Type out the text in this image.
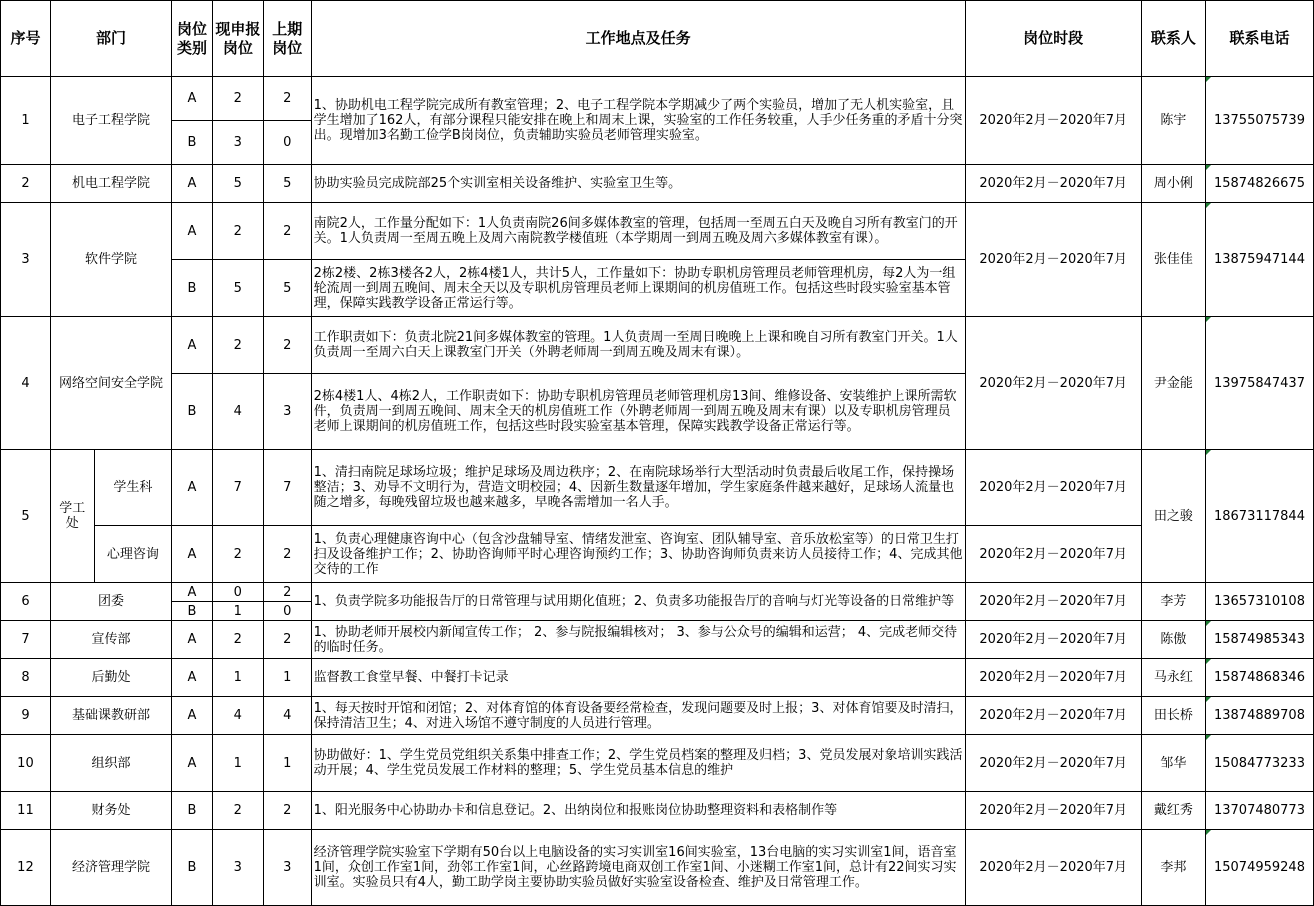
序号	部门		岗位类别	现申报岗位	上期岗位	工作地点及任务	岗位时段	联系人	联系电话
1	电子工程学院		A	2	2	1、协助机电工程学院完成所有教室管理；2、电子工程学院本学期减少了两个实验员，增加了无人机实验室，且学生增加了162人，有部分课程只能安排在晚上和周末上课，实验室的工作任务较重，人手少任务重的矛盾十分突出。现增加3名勤工俭学B岗岗位，负责辅助实验员老师管理实验室。	2020年2月－2020年7月	陈宇	13755075739
			B	3	0				
2	机电工程学院		A	5	5	协助实验员完成院部25个实训室相关设备维护、实验室卫生等。	2020年2月－2020年7月	周小俐	15874826675
3	软件学院		A	2	2	南院2人，工作量分配如下：1人负责南院26间多媒体教室的管理，包括周一至周五白天及晚自习所有教室门的开关。1人负责周一至周五晚上及周六南院教学楼值班（本学期周一到周五晚及周六多媒体教室有课）。	2020年2月－2020年7月	张佳佳	13875947144
			B	5	5	2栋2楼、2栋3楼各2人，2栋4楼1人，共计5人，工作量如下：协助专职机房管理员老师管理机房，每2人为一组轮流周一到周五晚间、周末全天以及专职机房管理员老师上课期间的机房值班工作。包括这些时段实验室基本管理，保障实践教学设备正常运行等。			
4	网络空间安全学院		A	2	2	工作职责如下：负责北院21间多媒体教室的管理。1人负责周一至周日晚晚上上课和晚自习所有教室门开关。1人负责周一至周六白天上课教室门开关（外聘老师周一到周五晚及周末有课）。	2020年2月－2020年7月	尹金能	13975847437
			B	4	3	2栋4楼1人、4栋2人，工作职责如下：协助专职机房管理员老师管理机房13间、维修设备、安装维护上课所需软件，负责周一到周五晚间、周末全天的机房值班工作（外聘老师周一到周五晚及周末有课）以及专职机房管理员老师上课期间的机房值班工作，包括这些时段实验室基本管理，保障实践教学设备正常运行等。			
5	学工处	学生科	A	7	7	1、清扫南院足球场垃圾；维护足球场及周边秩序；2、在南院球场举行大型活动时负责最后收尾工作，保持操场整洁；3、劝导不文明行为，营造文明校园；4、因新生数量逐年增加，学生家庭条件越来越好，足球场人流量也随之增多，每晚残留垃圾也越来越多，早晚各需增加一名人手。	2020年2月－2020年7月	田之骏	18673117844
		心理咨询	A	2	2	1、负责心理健康咨询中心（包含沙盘辅导室、情绪发泄室、咨询室、团队辅导室、音乐放松室等）的日常卫生打扫及设备维护工作；2、协助咨询师平时心理咨询预约工作；3、协助咨询师负责来访人员接待工作；4、完成其他交待的工作	2020年2月－2020年7月		
6	团委		A	0	2	1、负责学院多功能报告厅的日常管理与试用期化值班；2、负责多功能报告厅的音响与灯光等设备的日常维护等	2020年2月－2020年7月	李芳	13657310108
			B	1	0				
7	宣传部		A	2	2	1、协助老师开展校内新闻宣传工作； 2、参与院报编辑核对； 3、参与公众号的编辑和运营； 4、完成老师交待的临时任务。	2020年2月－2020年7月	陈傲	15874985343
8	后勤处		A	1	1	监督教工食堂早餐、中餐打卡记录	2020年2月－2020年7月	马永红	15874868346
9	基础课教研部		A	4	4	1、每天按时开馆和闭馆；2、对体育馆的体育设备要经常检查，发现问题要及时上报；3、对体育馆要及时清扫，保持清洁卫生；4、对进入场馆不遵守制度的人员进行管理。	2020年2月－2020年7月	田长桥	13874889708
10	组织部		A	1	1	协助做好：1、学生党员党组织关系集中排查工作；2、学生党员档案的整理及归档；3、党员发展对象培训实践活动开展；4、学生党员发展工作材料的整理；5、学生党员基本信息的维护	2020年2月－2020年7月	邹华	15084773233
11	财务处		B	2	2	1、阳光服务中心协助办卡和信息登记。2、出纳岗位和报账岗位协助整理资料和表格制作等	2020年2月－2020年7月	戴红秀	13707480773
12	经济管理学院		B	3	3	经济管理学院实验室下学期有50台以上电脑设备的实习实训室16间实验室，13台电脑的实习实训室1间，语音室1间，众创工作室1间，劲邻工作室1间，心丝路跨境电商双创工作室1间、小迷糊工作室1间，总计有22间实习实训室。实验员只有4人，勤工助学岗主要协助实验员做好实验室设备检查、维护及日常管理工作。	2020年2月－2020年7月	李邦	15074959248
